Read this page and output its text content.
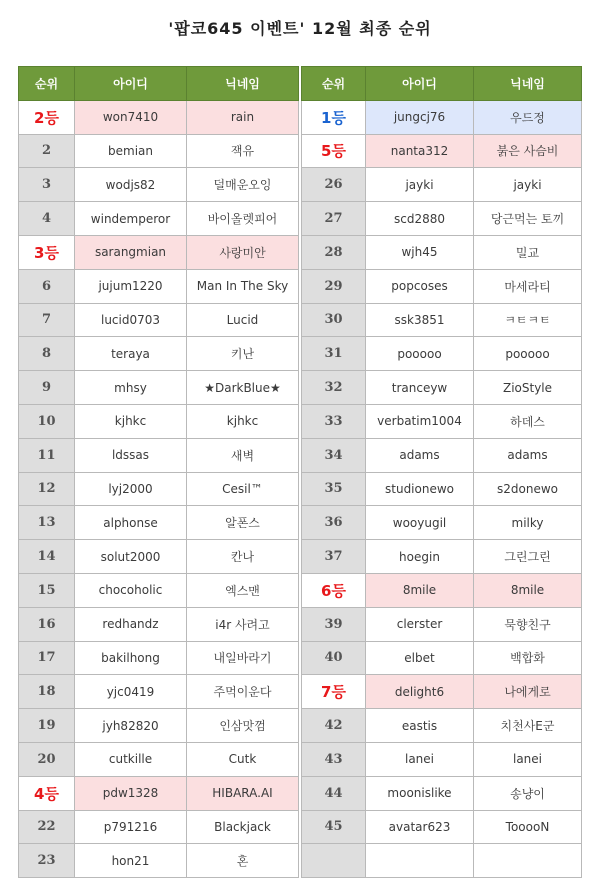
'팝코645 이벤트' 12월 최종 순위
순위	아이디	닉네임
2등	won7410	rain
2	bemian	잭유
3	wodjs82	덜매운오잉
4	windemperor	바이올렛피어
3등	sarangmian	사랑미안
6	jujum1220	Man In The Sky
7	lucid0703	Lucid
8	teraya	키난
9	mhsy	★DarkBlue★
10	kjhkc	kjhkc
11	ldssas	새벽
12	lyj2000	Cesil™
13	alphonse	알폰스
14	solut2000	칸나
15	chocoholic	엑스맨
16	redhandz	i4r 사려고
17	bakilhong	내일바라기
18	yjc0419	주먹이운다
19	jyh82820	인삼맛껌
20	cutkille	Cutk
4등	pdw1328	HIBARA.AI
22	p791216	Blackjack
23	hon21	혼
순위	아이디	닉네임
1등	jungcj76	우드정
5등	nanta312	붉은 사슴비
26	jayki	jayki
27	scd2880	당근먹는 토끼
28	wjh45	밀교
29	popcoses	마세라티
30	ssk3851	ㅋㅌㅋㅌ
31	pooooo	pooooo
32	tranceyw	ZioStyle
33	verbatim1004	하데스
34	adams	adams
35	studionewo	s2donewo
36	wooyugil	milky
37	hoegin	그린그린
6등	8mile	8mile
39	clerster	묵향친구
40	elbet	백합화
7등	delight6	나에게로
42	eastis	치천사E군
43	lanei	lanei
44	moonislike	송냥이
45	avatar623	TooooN
